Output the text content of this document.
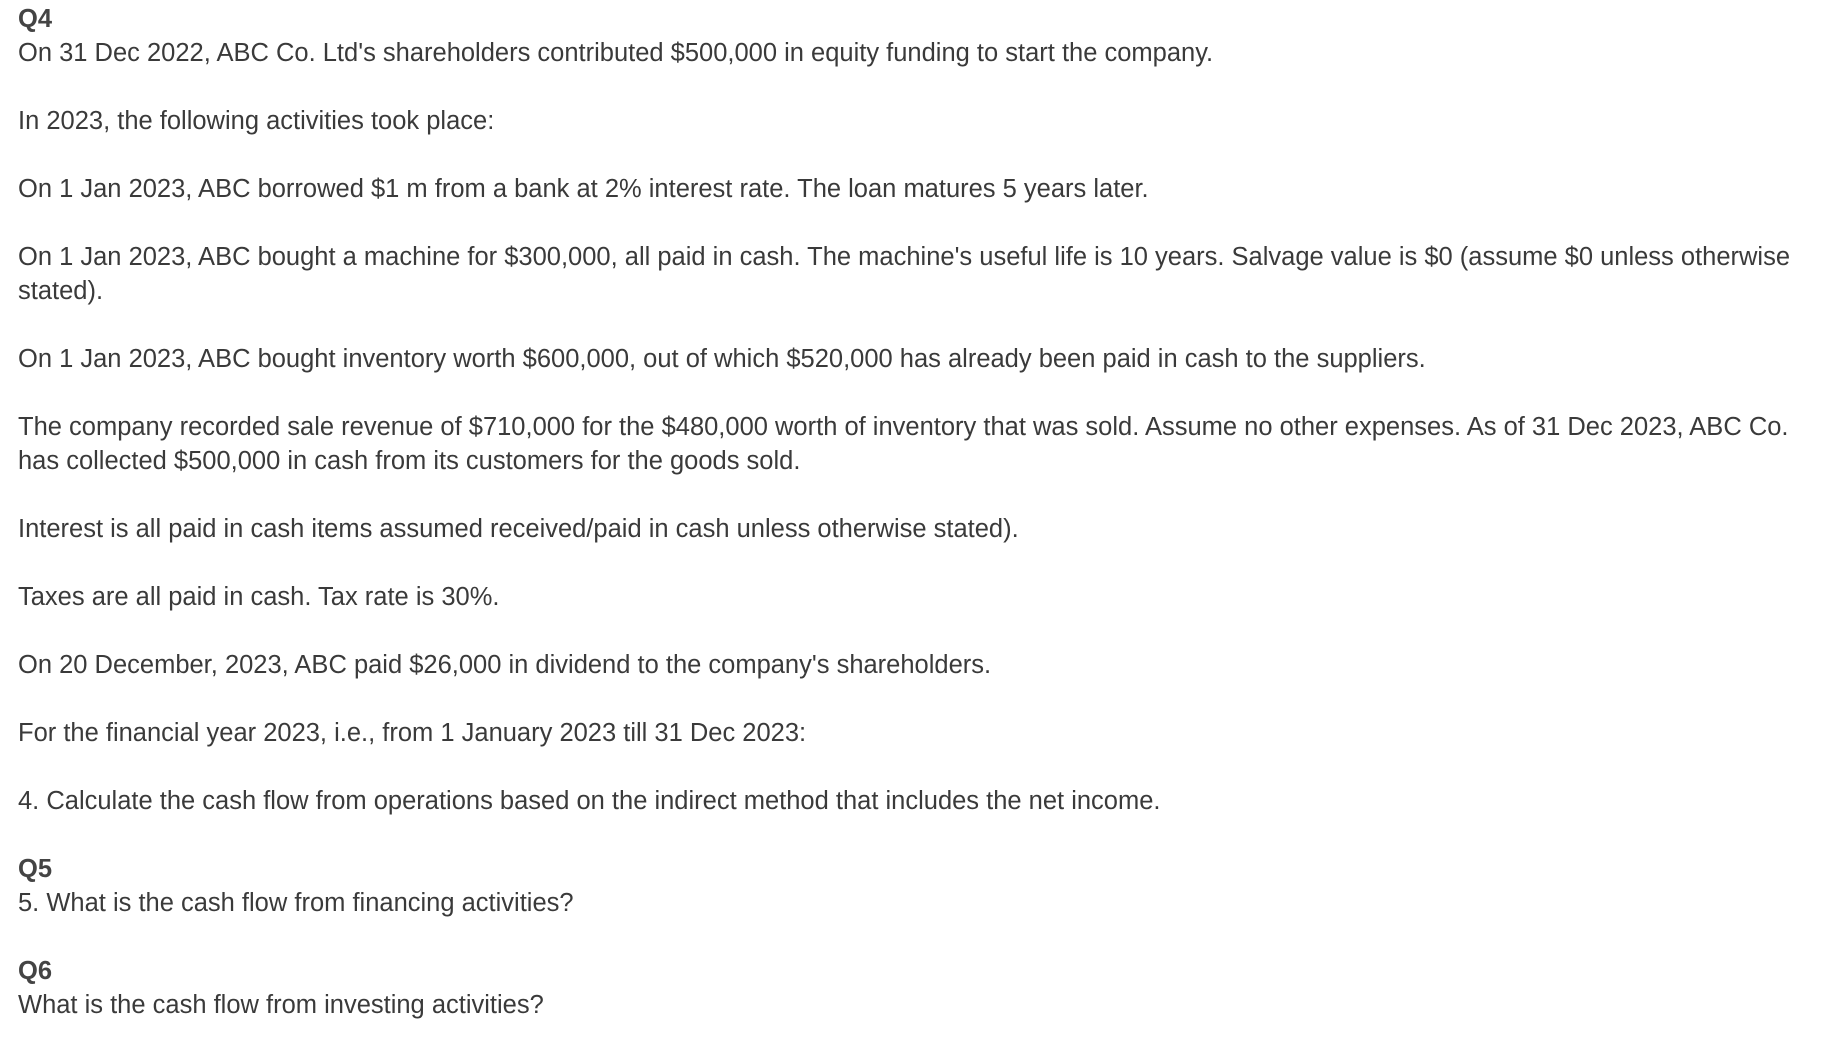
Q4

On 31 Dec 2022, ABC Co. Ltd's shareholders contributed $500,000 in equity funding to start the company.

In 2023, the following activities took place:

On 1 Jan 2023, ABC borrowed $1 m from a bank at 2% interest rate. The loan matures 5 years later.

On 1 Jan 2023, ABC bought a machine for $300,000, all paid in cash. The machine's useful life is 10 years. Salvage value is $0 (assume $0 unless otherwise stated).

On 1 Jan 2023, ABC bought inventory worth $600,000, out of which $520,000 has already been paid in cash to the suppliers.

The company recorded sale revenue of $710,000 for the $480,000 worth of inventory that was sold. Assume no other expenses. As of 31 Dec 2023, ABC Co. has collected $500,000 in cash from its customers for the goods sold.

Interest is all paid in cash items assumed received/paid in cash unless otherwise stated).

Taxes are all paid in cash. Tax rate is 30%.

On 20 December, 2023, ABC paid $26,000 in dividend to the company's shareholders.

For the financial year 2023, i.e., from 1 January 2023 till 31 Dec 2023:

4. Calculate the cash flow from operations based on the indirect method that includes the net income.

Q5

5. What is the cash flow from financing activities?

Q6

What is the cash flow from investing activities?
